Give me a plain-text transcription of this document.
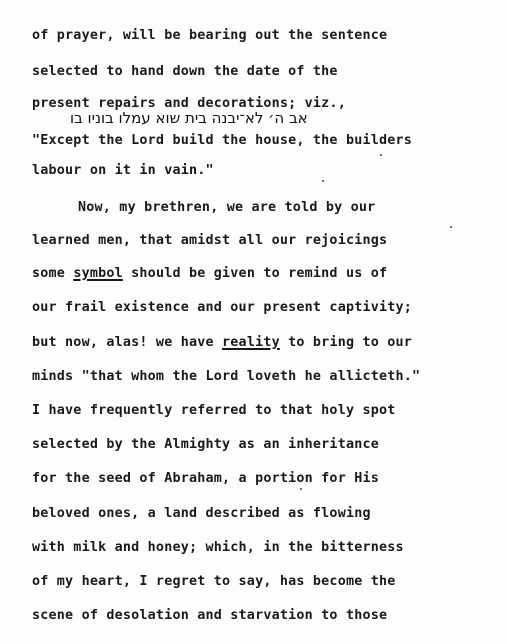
of prayer, will be bearing out the sentence
selected to hand down the date of the
present repairs and decorations; viz.,
אב ה׳ לא־יבנה בית שוא עמלו בוניו בו
"Except the Lord build the house, the builders
labour on it in vain."
Now, my brethren, we are told by our
learned men, that amidst all our rejoicings
some symbol should be given to remind us of
our frail existence and our present captivity;
but now, alas! we have reality to bring to our
minds "that whom the Lord loveth he allicteth."
I have frequently referred to that holy spot
selected by the Almighty as an inheritance
for the seed of Abraham, a portion for His
beloved ones, a land described as flowing
with milk and honey; which, in the bitterness
of my heart, I regret to say, has become the
scene of desolation and starvation to those
